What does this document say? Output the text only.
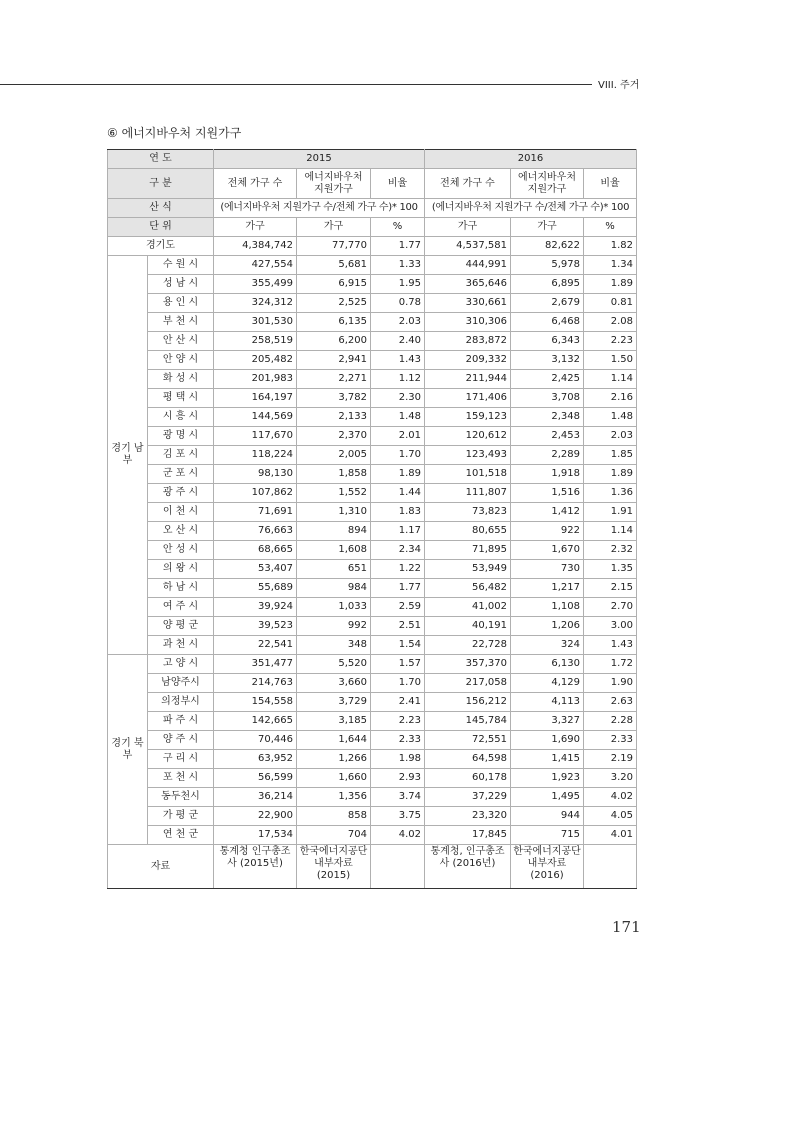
VIII. 주거
⑥ 에너지바우처 지원가구
연 도		2015			2016		
구 분		전체 가구 수	에너지바우처 지원가구	비율	전체 가구 수	에너지바우처 지원가구	비율
산 식		(에너지바우처 지원가구 수/전체 가구 수)* 100			(에너지바우처 지원가구 수/전체 가구 수)* 100		
단 위		가구	가구	%	가구	가구	%
경기도		4,384,742	77,770	1.77	4,537,581	82,622	1.82
경기 남부	수 원 시	427,554	5,681	1.33	444,991	5,978	1.34
	성 남 시	355,499	6,915	1.95	365,646	6,895	1.89
	용 인 시	324,312	2,525	0.78	330,661	2,679	0.81
	부 천 시	301,530	6,135	2.03	310,306	6,468	2.08
	안 산 시	258,519	6,200	2.40	283,872	6,343	2.23
	안 양 시	205,482	2,941	1.43	209,332	3,132	1.50
	화 성 시	201,983	2,271	1.12	211,944	2,425	1.14
	평 택 시	164,197	3,782	2.30	171,406	3,708	2.16
	시 흥 시	144,569	2,133	1.48	159,123	2,348	1.48
	광 명 시	117,670	2,370	2.01	120,612	2,453	2.03
	김 포 시	118,224	2,005	1.70	123,493	2,289	1.85
	군 포 시	98,130	1,858	1.89	101,518	1,918	1.89
	광 주 시	107,862	1,552	1.44	111,807	1,516	1.36
	이 천 시	71,691	1,310	1.83	73,823	1,412	1.91
	오 산 시	76,663	894	1.17	80,655	922	1.14
	안 성 시	68,665	1,608	2.34	71,895	1,670	2.32
	의 왕 시	53,407	651	1.22	53,949	730	1.35
	하 남 시	55,689	984	1.77	56,482	1,217	2.15
	여 주 시	39,924	1,033	2.59	41,002	1,108	2.70
	양 평 군	39,523	992	2.51	40,191	1,206	3.00
	과 천 시	22,541	348	1.54	22,728	324	1.43
경기 북부	고 양 시	351,477	5,520	1.57	357,370	6,130	1.72
	남양주시	214,763	3,660	1.70	217,058	4,129	1.90
	의정부시	154,558	3,729	2.41	156,212	4,113	2.63
	파 주 시	142,665	3,185	2.23	145,784	3,327	2.28
	양 주 시	70,446	1,644	2.33	72,551	1,690	2.33
	구 리 시	63,952	1,266	1.98	64,598	1,415	2.19
	포 천 시	56,599	1,660	2.93	60,178	1,923	3.20
	동두천시	36,214	1,356	3.74	37,229	1,495	4.02
	가 평 군	22,900	858	3.75	23,320	944	4.05
	연 천 군	17,534	704	4.02	17,845	715	4.01
자료		통계청 인구총조사 (2015년)	한국에너지공단 내부자료 (2015)		통계청, 인구총조사 (2016년)	한국에너지공단 내부자료 (2016)	
171
